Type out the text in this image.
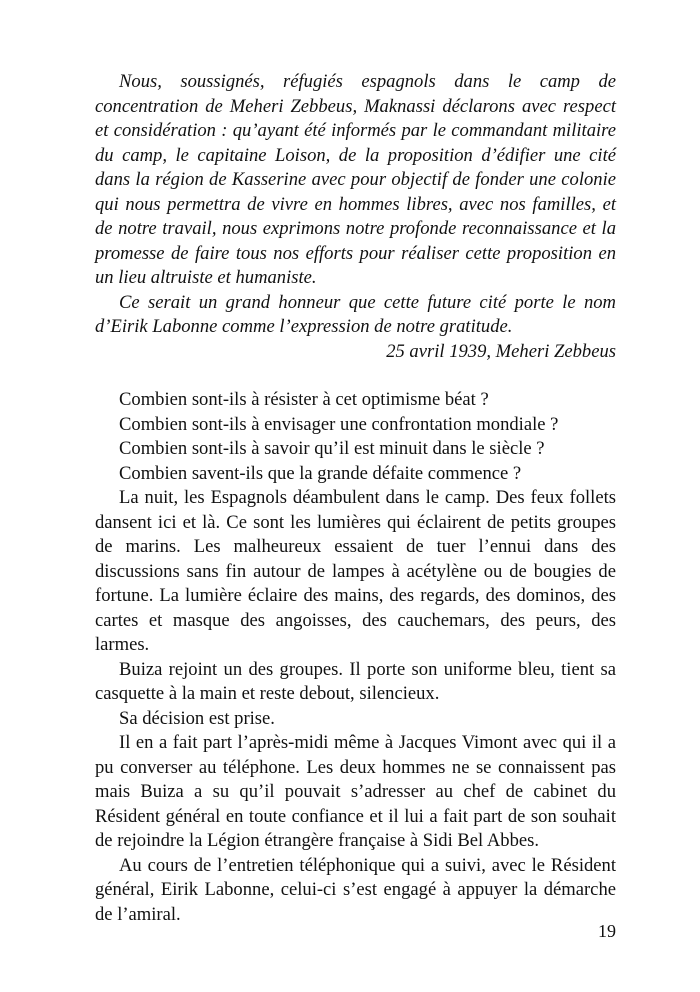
Nous, soussignés, réfugiés espagnols dans le camp de concentration de Meheri Zebbeus, Maknassi déclarons avec respect et considération : qu’ayant été informés par le commandant militaire du camp, le capitaine Loison, de la proposition d’édifier une cité dans la région de Kasserine avec pour objectif de fonder une colonie qui nous permettra de vivre en hommes libres, avec nos familles, et de notre travail, nous exprimons notre profonde reconnaissance et la promesse de faire tous nos efforts pour réaliser cette proposition en un lieu altruiste et humaniste.

Ce serait un grand honneur que cette future cité porte le nom d’Eirik Labonne comme l’expression de notre gratitude.

25 avril 1939, Meheri Zebbeus

Combien sont-ils à résister à cet optimisme béat ?

Combien sont-ils à envisager une confrontation mondiale ?

Combien sont-ils à savoir qu’il est minuit dans le siècle ?

Combien savent-ils que la grande défaite commence ?

La nuit, les Espagnols déambulent dans le camp. Des feux follets dansent ici et là. Ce sont les lumières qui éclairent de petits groupes de marins. Les malheureux essaient de tuer l’ennui dans des discussions sans fin autour de lampes à acétylène ou de bougies de fortune. La lumière éclaire des mains, des regards, des dominos, des cartes et masque des angoisses, des cauchemars, des peurs, des larmes.

Buiza rejoint un des groupes. Il porte son uniforme bleu, tient sa casquette à la main et reste debout, silencieux.

Sa décision est prise.

Il en a fait part l’après-midi même à Jacques Vimont avec qui il a pu converser au téléphone. Les deux hommes ne se connaissent pas mais Buiza a su qu’il pouvait s’adresser au chef de cabinet du Résident général en toute confiance et il lui a fait part de son souhait de rejoindre la Légion étrangère française à Sidi Bel Abbes.

Au cours de l’entretien téléphonique qui a suivi, avec le Résident général, Eirik Labonne, celui-ci s’est engagé à appuyer la démarche de l’amiral.

19
